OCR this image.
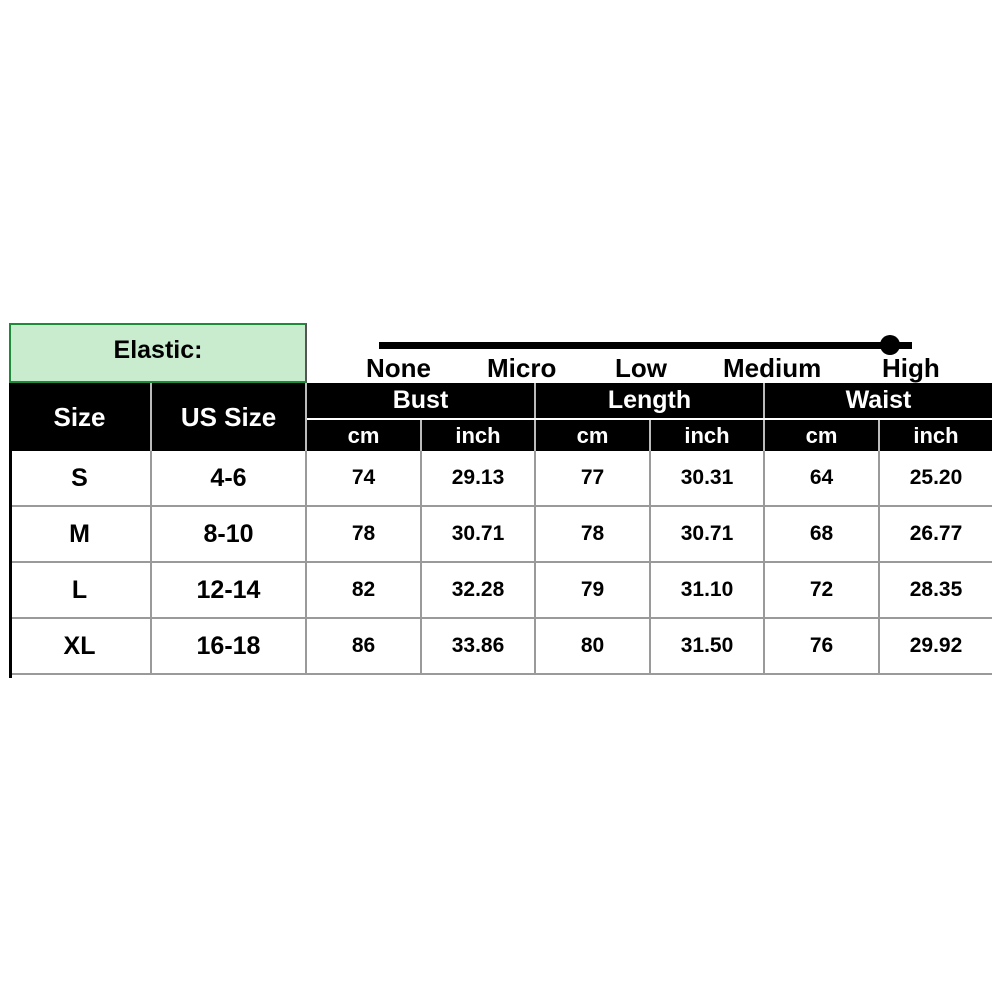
Elastic:
None Micro Low Medium High
Size	US Size
Bust	Length	Waist
cm	inch	cm	inch	cm	inch
S	4-6	74	29.13	77	30.31	64	25.20
M	8-10	78	30.71	78	30.71	68	26.77
L	12-14	82	32.28	79	31.10	72	28.35
XL	16-18	86	33.86	80	31.50	76	29.92
